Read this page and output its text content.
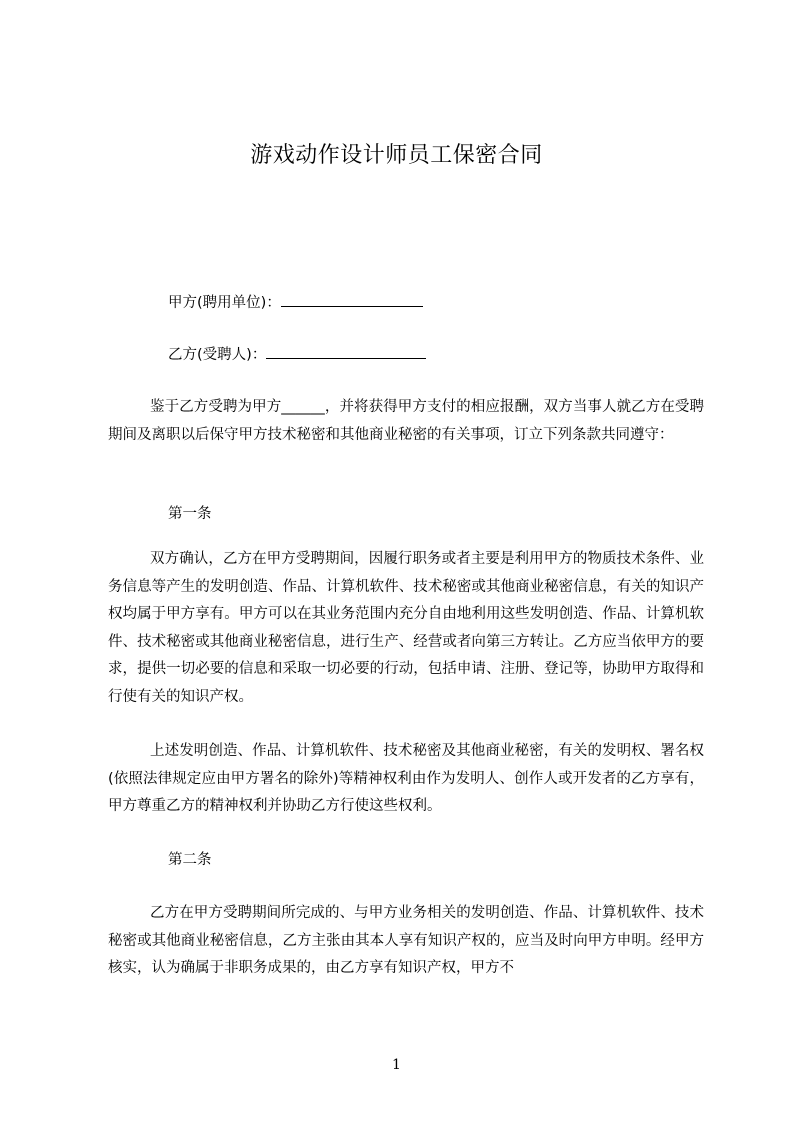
游戏动作设计师员工保密合同
甲方(聘用单位)：
乙方(受聘人)：
鉴于乙方受聘为甲方______，并将获得甲方支付的相应报酬，双方当事人就乙方在受聘期间及离职以后保守甲方技术秘密和其他商业秘密的有关事项，订立下列条款共同遵守：
第一条
双方确认，乙方在甲方受聘期间，因履行职务或者主要是利用甲方的物质技术条件、业务信息等产生的发明创造、作品、计算机软件、技术秘密或其他商业秘密信息，有关的知识产权均属于甲方享有。甲方可以在其业务范围内充分自由地利用这些发明创造、作品、计算机软件、技术秘密或其他商业秘密信息，进行生产、经营或者向第三方转让。乙方应当依甲方的要求，提供一切必要的信息和采取一切必要的行动，包括申请、注册、登记等，协助甲方取得和行使有关的知识产权。
上述发明创造、作品、计算机软件、技术秘密及其他商业秘密，有关的发明权、署名权(依照法律规定应由甲方署名的除外)等精神权利由作为发明人、创作人或开发者的乙方享有，甲方尊重乙方的精神权利并协助乙方行使这些权利。
第二条
乙方在甲方受聘期间所完成的、与甲方业务相关的发明创造、作品、计算机软件、技术秘密或其他商业秘密信息，乙方主张由其本人享有知识产权的，应当及时向甲方申明。经甲方核实，认为确属于非职务成果的，由乙方享有知识产权，甲方不
1
